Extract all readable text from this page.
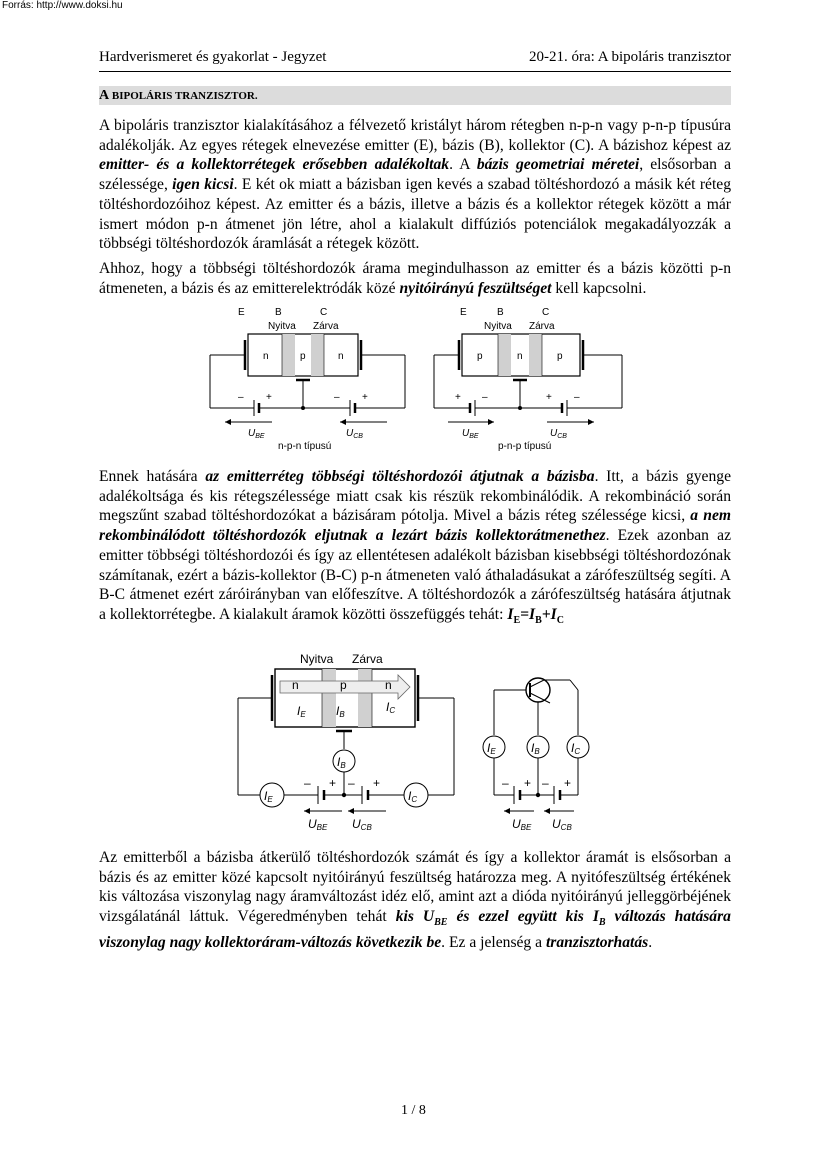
Forrás: http://www.doksi.hu
Hardverismeret és gyakorlat - Jegyzet	20-21. óra: A bipoláris tranzisztor
A BIPOLÁRIS TRANZISZTOR.

A bipoláris tranzisztor kialakításához a félvezető kristályt három rétegben n-p-n vagy p-n-p típusúra adalékolják. Az egyes rétegek elnevezése emitter (E), bázis (B), kollektor (C). A bázishoz képest az emitter- és a kollektorrétegek erősebben adalékoltak. A bázis geometriai méretei, elsősorban a szélessége, igen kicsi. E két ok miatt a bázisban igen kevés a szabad töltéshordozó a másik két réteg töltéshordozóihoz képest. Az emitter és a bázis, illetve a bázis és a kollektor rétegek között a már ismert módon p-n átmenet jön létre, ahol a kialakult diffúziós potenciálok megakadályozzák a többségi töltéshordozók áramlását a rétegek között.

Ahhoz, hogy a többségi töltéshordozók árama megindulhasson az emitter és a bázis közötti p-n átmeneten, a bázis és az emitterelektródák közé nyitóirányú feszültséget kell kapcsolni.

E	B	C
Nyitva Zárva
n	p	n
– +	– +
$U_{BE}$	$U_{CB}$
n-p-n típusú
E	B	C
Nyitva Zárva
p	n	p
+ –	+ –
$U_{BE}$	$U_{CB}$
p-n-p típusú

Ennek hatására az emitterréteg többségi töltéshordozói átjutnak a bázisba. Itt, a bázis gyenge adalékoltsága és kis rétegszélessége miatt csak kis részük rekombinálódik. A rekombináció során megszűnt szabad töltéshordozókat a bázisáram pótolja. Mivel a bázis réteg szélessége kicsi, a nem rekombinálódott töltéshordozók eljutnak a lezárt bázis kollektorátmenethez. Ezek azonban az emitter többségi töltéshordozói és így az ellentétesen adalékolt bázisban kisebbségi töltéshordozónak számítanak, ezért a bázis-kollektor (B-C) p-n átmeneten való áthaladásukat a zárófeszültség segíti. A B-C átmenet ezért záróirányban van előfeszítve. A töltéshordozók a zárófeszültség hatására átjutnak a kollektorrétegbe. A kialakult áramok közötti összefüggés tehát: $I_E=I_B+I_C$

Nyitva Zárva
n	p	n
IE	IB
IC
IB
IE	IC
– + – +
UBE UCB
IE	IB	IC
– + – +
UBE UCB

Az emitterből a bázisba átkerülő töltéshordozók számát és így a kollektor áramát is elsősorban a bázis és az emitter közé kapcsolt nyitóirányú feszültség határozza meg. A nyitófeszültség értékének kis változása viszonylag nagy áramváltozást idéz elő, amint azt a dióda nyitóirányú jelleggörbéjének vizsgálatánál láttuk. Végeredményben tehát kis $U_{BE}$ és ezzel együtt kis $I_B$ változás hatására viszonylag nagy kollektoráram-változás következik be. Ez a jelenség a tranzisztorhatás.

1 / 8
